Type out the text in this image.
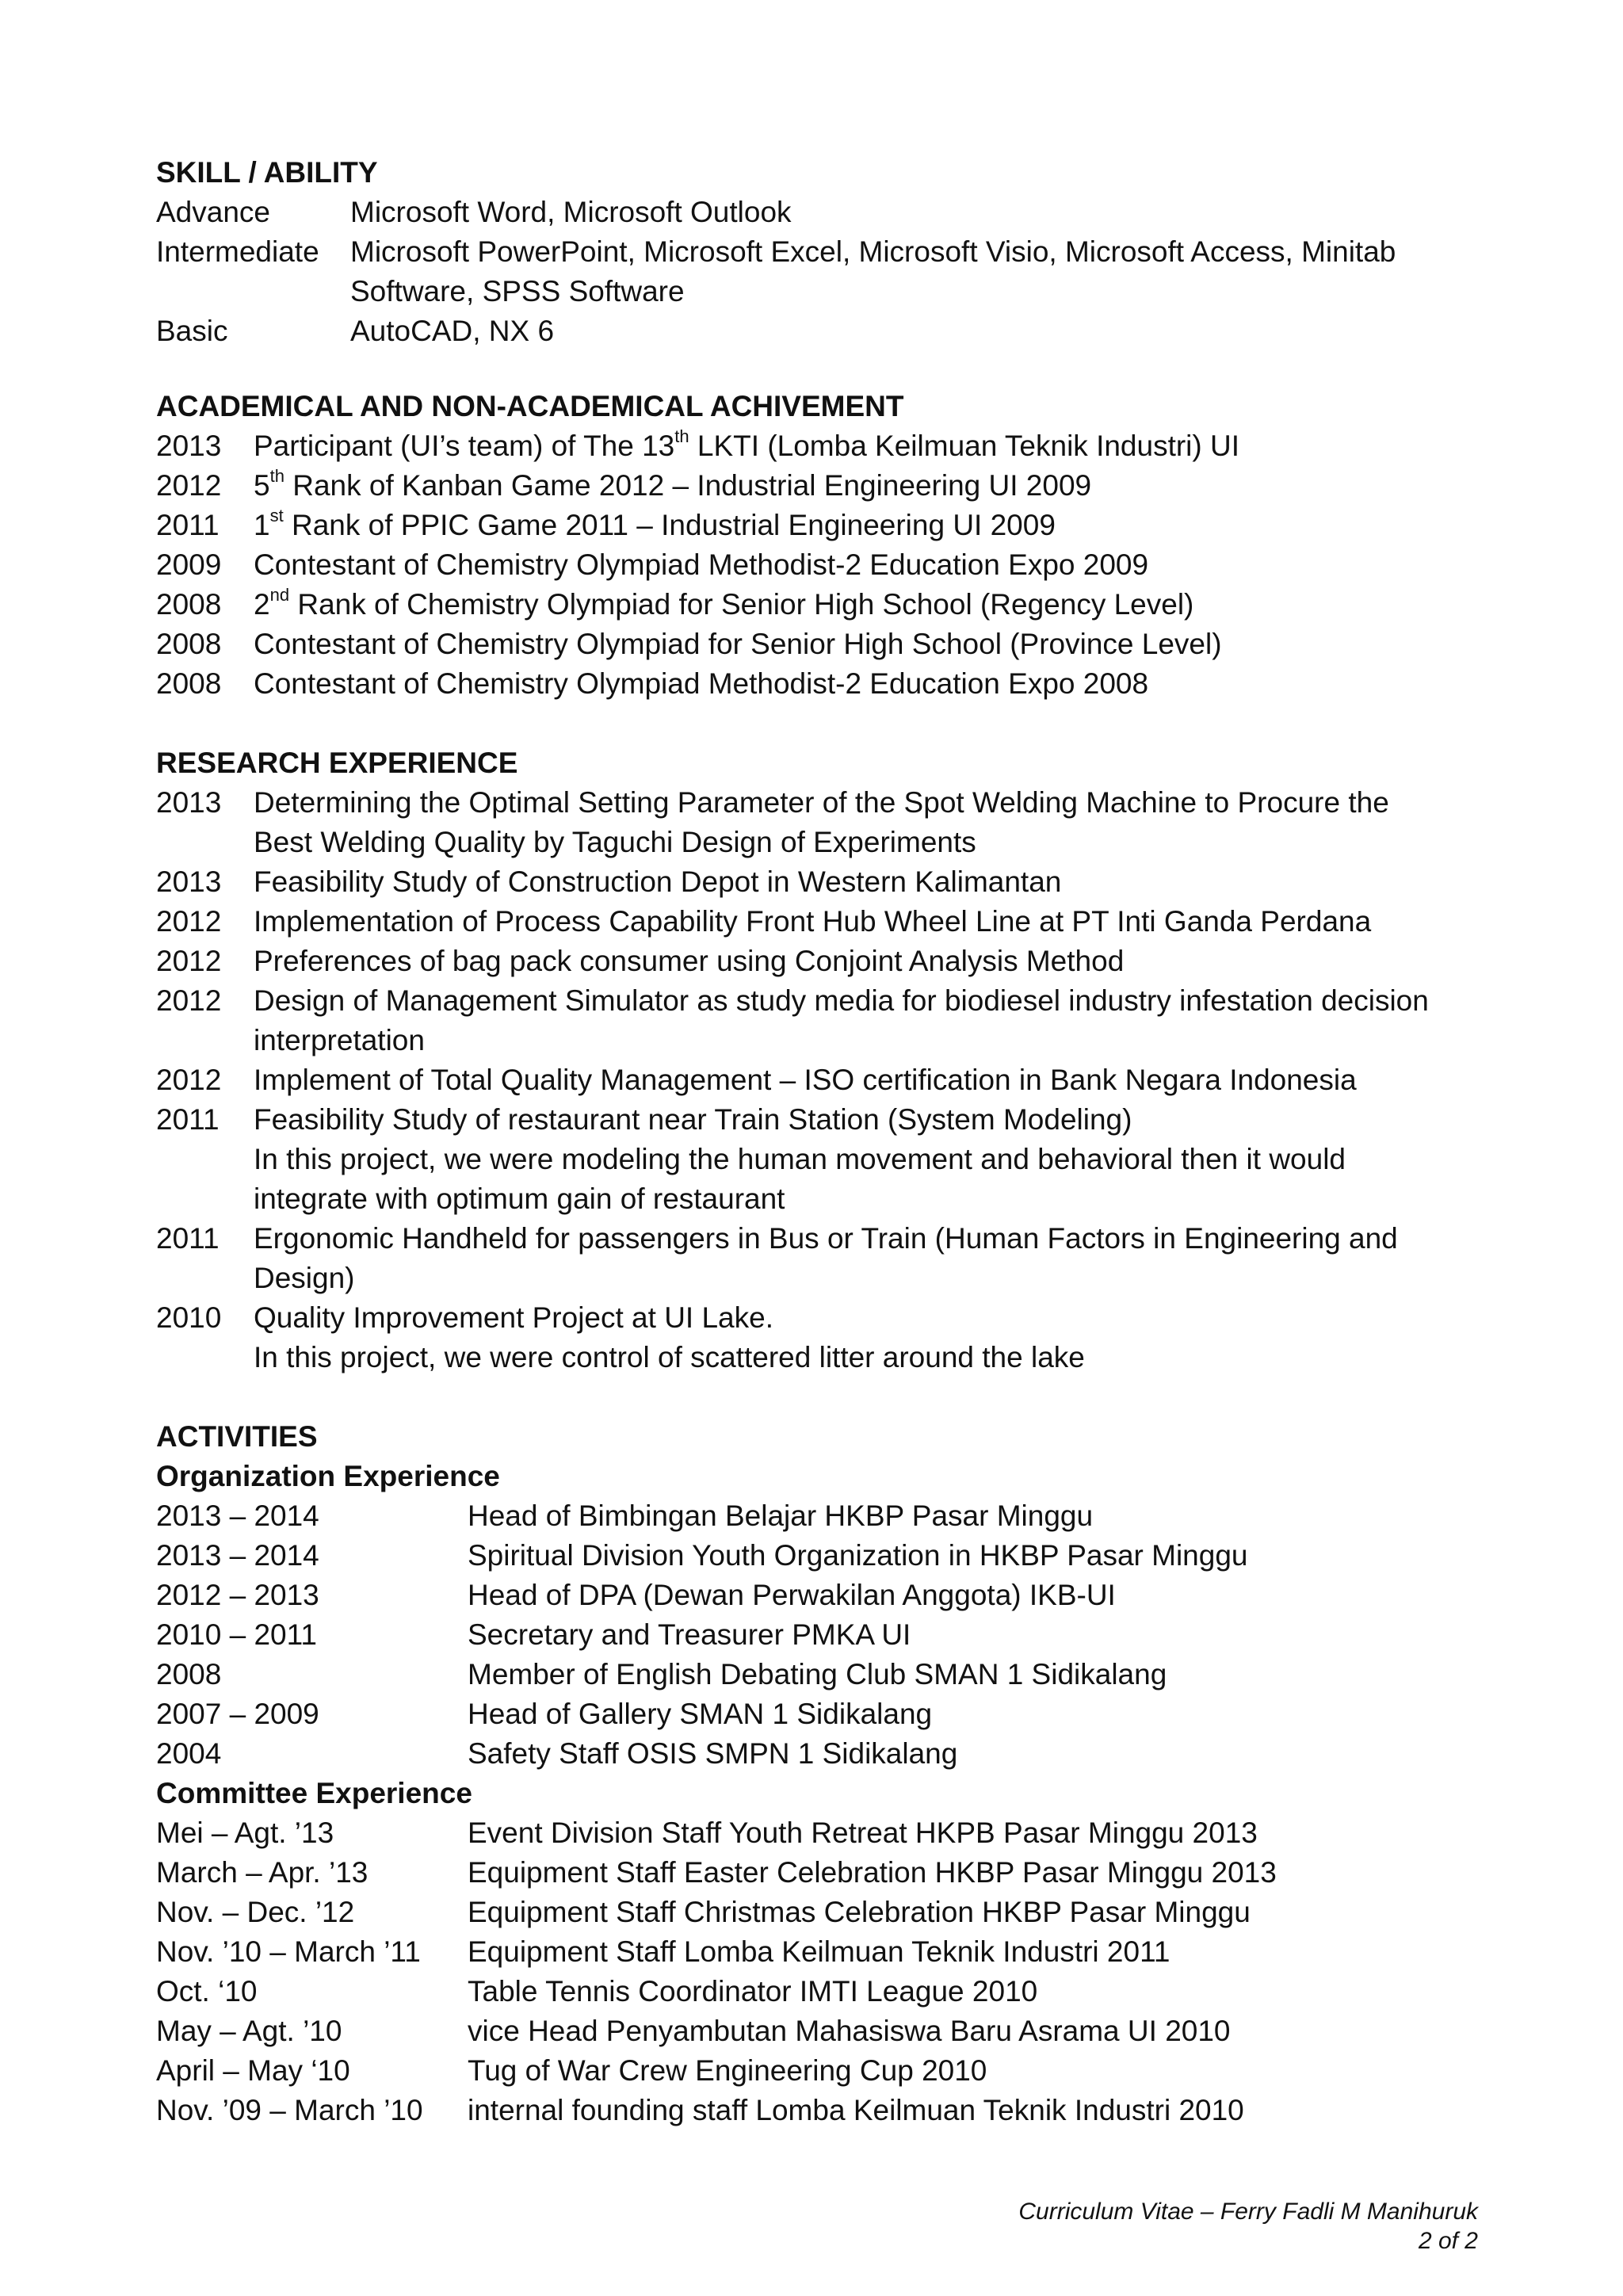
SKILL / ABILITY
Advance	Microsoft Word, Microsoft Outlook
Intermediate Microsoft PowerPoint, Microsoft Excel, Microsoft Visio, Microsoft Access, Minitab
Software, SPSS Software
Basic	AutoCAD, NX 6
ACADEMICAL AND NON-ACADEMICAL ACHIVEMENT
2013 Participant (UI’s team) of The 13th LKTI (Lomba Keilmuan Teknik Industri) UI
2012 5th Rank of Kanban Game 2012 – Industrial Engineering UI 2009
2011 1st Rank of PPIC Game 2011 – Industrial Engineering UI 2009
2009 Contestant of Chemistry Olympiad Methodist-2 Education Expo 2009
2008 2nd Rank of Chemistry Olympiad for Senior High School (Regency Level)
2008 Contestant of Chemistry Olympiad for Senior High School (Province Level)
2008 Contestant of Chemistry Olympiad Methodist-2 Education Expo 2008
RESEARCH EXPERIENCE
2013 Determining the Optimal Setting Parameter of the Spot Welding Machine to Procure the
Best Welding Quality by Taguchi Design of Experiments
2013 Feasibility Study of Construction Depot in Western Kalimantan
2012 Implementation of Process Capability Front Hub Wheel Line at PT Inti Ganda Perdana
2012 Preferences of bag pack consumer using Conjoint Analysis Method
2012 Design of Management Simulator as study media for biodiesel industry infestation decision
interpretation
2012 Implement of Total Quality Management – ISO certification in Bank Negara Indonesia
2011 Feasibility Study of restaurant near Train Station (System Modeling)
In this project, we were modeling the human movement and behavioral then it would
integrate with optimum gain of restaurant
2011 Ergonomic Handheld for passengers in Bus or Train (Human Factors in Engineering and
Design)
2010 Quality Improvement Project at UI Lake.
In this project, we were control of scattered litter around the lake
ACTIVITIES
Organization Experience
2013 – 2014	Head of Bimbingan Belajar HKBP Pasar Minggu
2013 – 2014	Spiritual Division Youth Organization in HKBP Pasar Minggu
2012 – 2013	Head of DPA (Dewan Perwakilan Anggota) IKB-UI
2010 – 2011	Secretary and Treasurer PMKA UI
2008	Member of English Debating Club SMAN 1 Sidikalang
2007 – 2009	Head of Gallery SMAN 1 Sidikalang
2004	Safety Staff OSIS SMPN 1 Sidikalang
Committee Experience
Mei – Agt. ’13	Event Division Staff Youth Retreat HKPB Pasar Minggu 2013
March – Apr. ’13	Equipment Staff Easter Celebration HKBP Pasar Minggu 2013
Nov. – Dec. ’12	Equipment Staff Christmas Celebration HKBP Pasar Minggu
Nov. ’10 – March ’11 Equipment Staff Lomba Keilmuan Teknik Industri 2011
Oct. ‘10	Table Tennis Coordinator IMTI League 2010
May – Agt. ’10	vice Head Penyambutan Mahasiswa Baru Asrama UI 2010
April – May ‘10	Tug of War Crew Engineering Cup 2010
Nov. ’09 – March ’10 internal founding staff Lomba Keilmuan Teknik Industri 2010
Curriculum Vitae – Ferry Fadli M Manihuruk
2 of 2
